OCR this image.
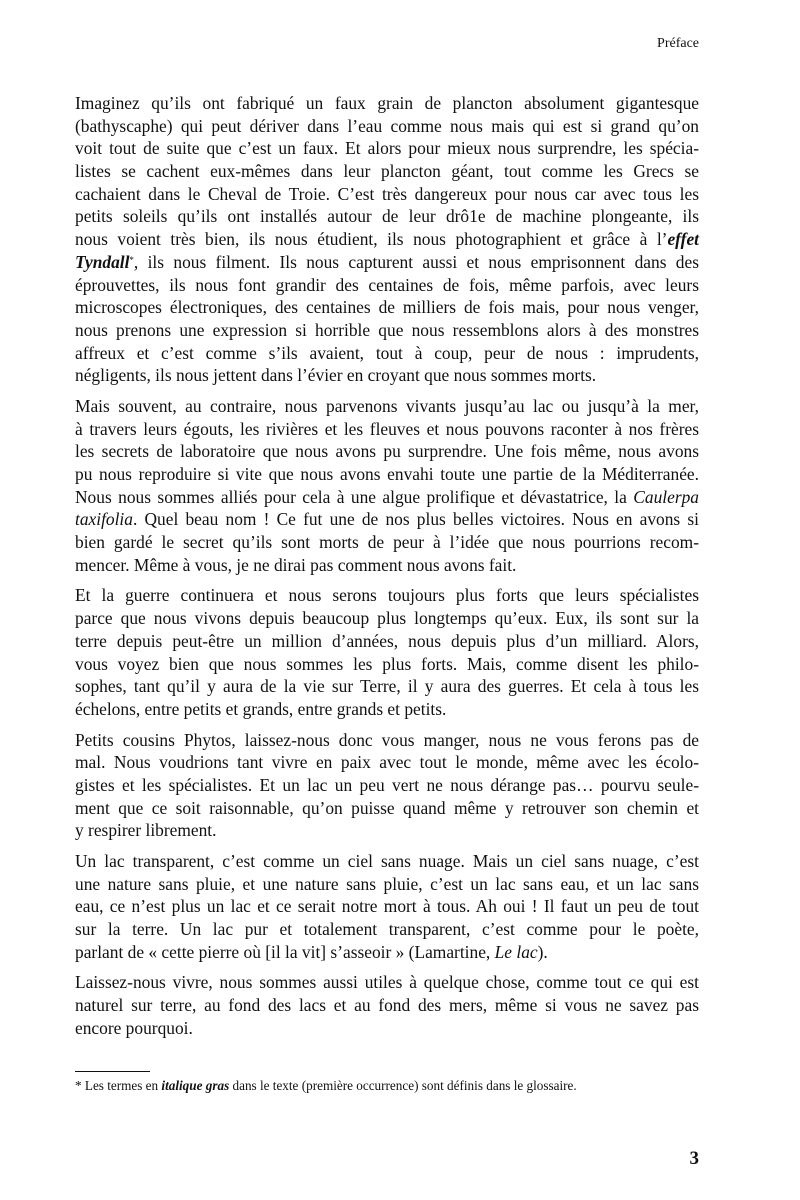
Préface
Imaginez qu’ils ont fabriqué un faux grain de plancton absolument gigantesque
(bathyscaphe) qui peut dériver dans l’eau comme nous mais qui est si grand qu’on
voit tout de suite que c’est un faux. Et alors pour mieux nous surprendre, les spécia-
listes se cachent eux-mêmes dans leur plancton géant, tout comme les Grecs se
cachaient dans le Cheval de Troie. C’est très dangereux pour nous car avec tous les
petits soleils qu’ils ont installés autour de leur drô1e de machine plongeante, ils
nous voient très bien, ils nous étudient, ils nous photographient et grâce à l’effet
Tyndall*, ils nous filment. Ils nous capturent aussi et nous emprisonnent dans des
éprouvettes, ils nous font grandir des centaines de fois, même parfois, avec leurs
microscopes électroniques, des centaines de milliers de fois mais, pour nous venger,
nous prenons une expression si horrible que nous ressemblons alors à des monstres
affreux et c’est comme s’ils avaient, tout à coup, peur de nous : imprudents,
négligents, ils nous jettent dans l’évier en croyant que nous sommes morts.
Mais souvent, au contraire, nous parvenons vivants jusqu’au lac ou jusqu’à la mer,
à travers leurs égouts, les rivières et les fleuves et nous pouvons raconter à nos frères
les secrets de laboratoire que nous avons pu surprendre. Une fois même, nous avons
pu nous reproduire si vite que nous avons envahi toute une partie de la Méditerranée.
Nous nous sommes alliés pour cela à une algue prolifique et dévastatrice, la Caulerpa
taxifolia. Quel beau nom ! Ce fut une de nos plus belles victoires. Nous en avons si
bien gardé le secret qu’ils sont morts de peur à l’idée que nous pourrions recom-
mencer. Même à vous, je ne dirai pas comment nous avons fait.
Et la guerre continuera et nous serons toujours plus forts que leurs spécialistes
parce que nous vivons depuis beaucoup plus longtemps qu’eux. Eux, ils sont sur la
terre depuis peut-être un million d’années, nous depuis plus d’un milliard. Alors,
vous voyez bien que nous sommes les plus forts. Mais, comme disent les philo-
sophes, tant qu’il y aura de la vie sur Terre, il y aura des guerres. Et cela à tous les
échelons, entre petits et grands, entre grands et petits.
Petits cousins Phytos, laissez-nous donc vous manger, nous ne vous ferons pas de
mal. Nous voudrions tant vivre en paix avec tout le monde, même avec les écolo-
gistes et les spécialistes. Et un lac un peu vert ne nous dérange pas… pourvu seule-
ment que ce soit raisonnable, qu’on puisse quand même y retrouver son chemin et
y respirer librement.
Un lac transparent, c’est comme un ciel sans nuage. Mais un ciel sans nuage, c’est
une nature sans pluie, et une nature sans pluie, c’est un lac sans eau, et un lac sans
eau, ce n’est plus un lac et ce serait notre mort à tous. Ah oui ! Il faut un peu de tout
sur la terre. Un lac pur et totalement transparent, c’est comme pour le poète,
parlant de « cette pierre où [il la vit] s’asseoir » (Lamartine, Le lac).
Laissez-nous vivre, nous sommes aussi utiles à quelque chose, comme tout ce qui est
naturel sur terre, au fond des lacs et au fond des mers, même si vous ne savez pas
encore pourquoi.
* Les termes en italique gras dans le texte (première occurrence) sont définis dans le glossaire.
3
